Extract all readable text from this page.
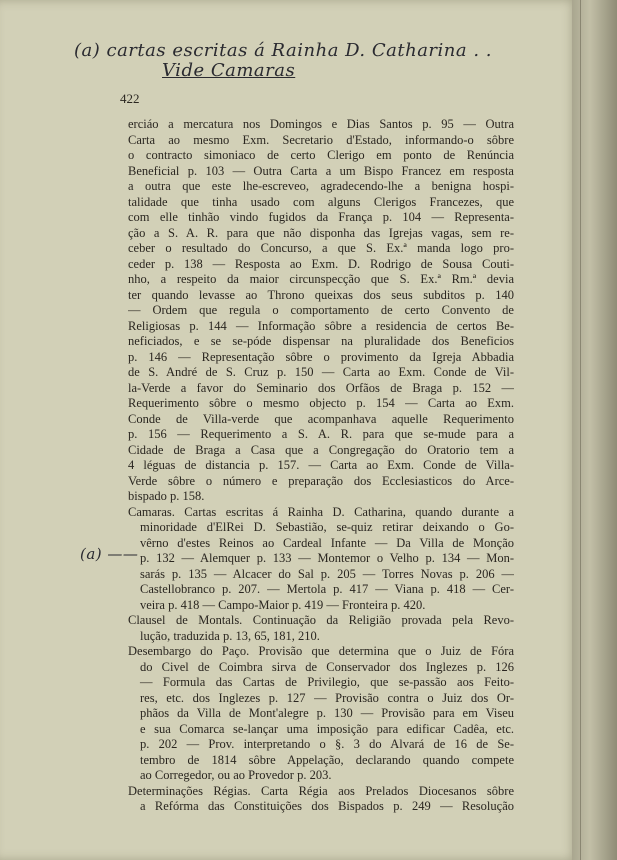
(a) cartas escritas á Rainha D. Catharina . .
Vide Camaras
(a) ——
422
erciáo a mercatura nos Domingos e Dias Santos p. 95 — Outra
Carta ao mesmo Exm. Secretario d'Estado, informando-o sôbre
o contracto simoniaco de certo Clerigo em ponto de Renúncia
Beneficial p. 103 — Outra Carta a um Bispo Francez em resposta
a outra que este lhe-escreveo, agradecendo-lhe a benigna hospi-
talidade que tinha usado com alguns Clerigos Francezes, que
com elle tinhão vindo fugidos da França p. 104 — Representa-
ção a S. A. R. para que não disponha das Igrejas vagas, sem re-
ceber o resultado do Concurso, a que S. Ex.ª manda logo pro-
ceder p. 138 — Resposta ao Exm. D. Rodrigo de Sousa Couti-
nho, a respeito da maior circunspecção que S. Ex.ª Rm.ª devia
ter quando levasse ao Throno queixas dos seus subditos p. 140
— Ordem que regula o comportamento de certo Convento de
Religiosas p. 144 — Informação sôbre a residencia de certos Be-
neficiados, e se se-póde dispensar na pluralidade dos Beneficios
p. 146 — Representação sôbre o provimento da Igreja Abbadia
de S. André de S. Cruz p. 150 — Carta ao Exm. Conde de Vil-
la-Verde a favor do Seminario dos Orfãos de Braga p. 152 —
Requerimento sôbre o mesmo objecto p. 154 — Carta ao Exm.
Conde de Villa-verde que acompanhava aquelle Requerimento
p. 156 — Requerimento a S. A. R. para que se-mude para a
Cidade de Braga a Casa que a Congregação do Oratorio tem a
4 léguas de distancia p. 157. — Carta ao Exm. Conde de Villa-
Verde sôbre o número e preparação dos Ecclesiasticos do Arce-
bispado p. 158.
Camaras. Cartas escritas á Rainha D. Catharina, quando durante a
minoridade d'ElRei D. Sebastião, se-quiz retirar deixando o Go-
vêrno d'estes Reinos ao Cardeal Infante — Da Villa de Monção
p. 132 — Alemquer p. 133 — Montemor o Velho p. 134 — Mon-
sarás p. 135 — Alcacer do Sal p. 205 — Torres Novas p. 206 —
Castellobranco p. 207. — Mertola p. 417 — Viana p. 418 — Cer-
veira p. 418 — Campo-Maior p. 419 — Fronteira p. 420.
Clausel de Montals. Continuação da Religião provada pela Revo-
lução, traduzida p. 13, 65, 181, 210.
Desembargo do Paço. Provisão que determina que o Juiz de Fóra
do Civel de Coimbra sirva de Conservador dos Inglezes p. 126
— Formula das Cartas de Privilegio, que se-passão aos Feito-
res, etc. dos Inglezes p. 127 — Provisão contra o Juiz dos Or-
phãos da Villa de Mont'alegre p. 130 — Provisão para em Viseu
e sua Comarca se-lançar uma imposição para edificar Cadêa, etc.
p. 202 — Prov. interpretando o §. 3 do Alvará de 16 de Se-
tembro de 1814 sôbre Appelação, declarando quando compete
ao Corregedor, ou ao Provedor p. 203.
Determinações Régias. Carta Régia aos Prelados Diocesanos sôbre
a Refórma das Constituições dos Bispados p. 249 — Resolução
